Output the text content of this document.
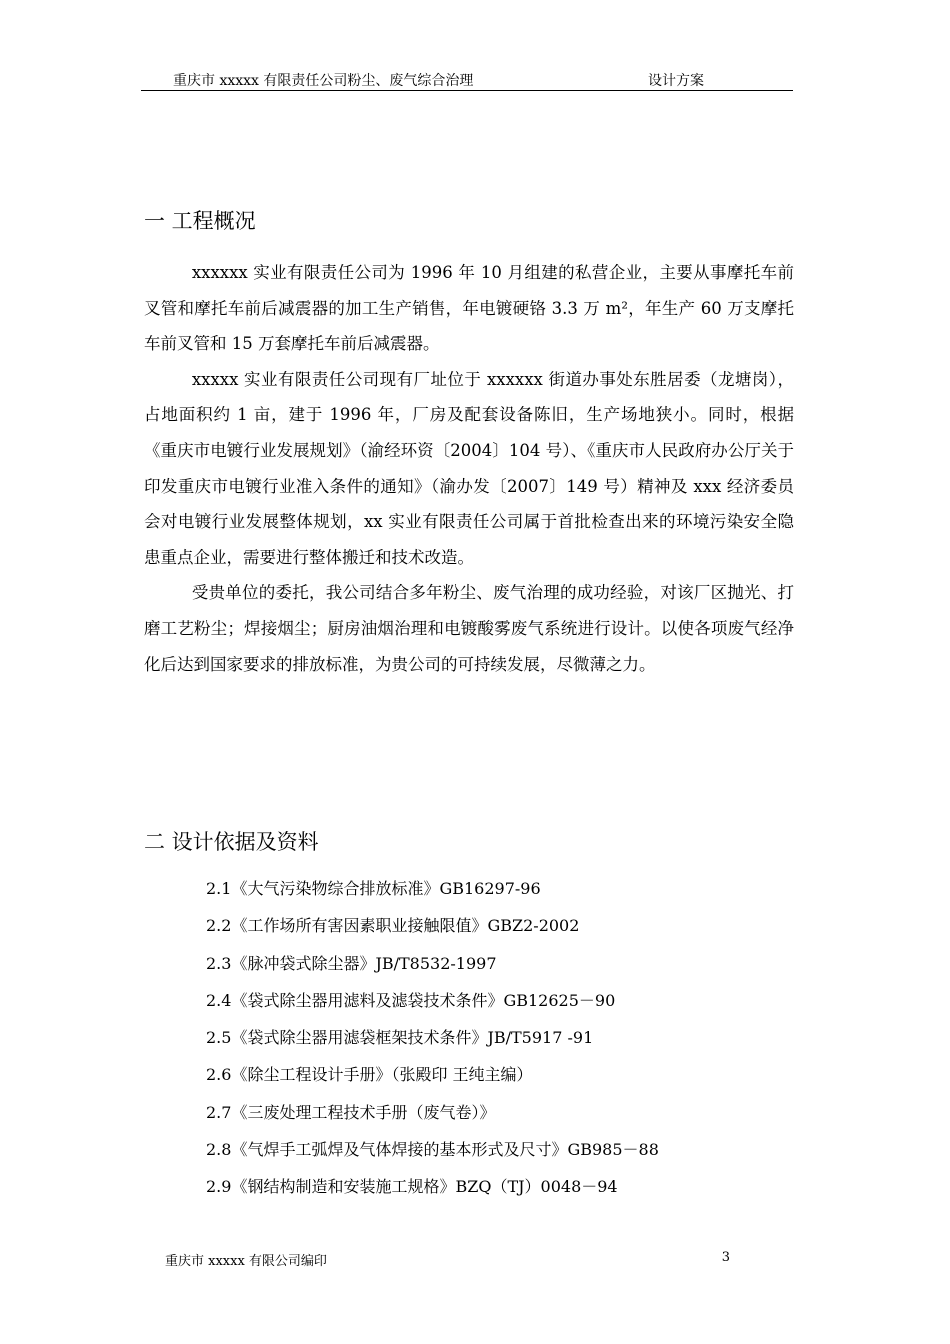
重庆市 xxxxx 有限责任公司粉尘、废气综合治理	设计方案
一 工程概况

xxxxxx 实业有限责任公司为 1996 年 10 月组建的私营企业，主要从事摩托车前叉管和摩托车前后减震器的加工生产销售，年电镀硬铬 3.3 万 m²，年生产 60 万支摩托车前叉管和 15 万套摩托车前后减震器。

xxxxx 实业有限责任公司现有厂址位于 xxxxxx 街道办事处东胜居委（龙塘岗），占地面积约 1 亩，建于 1996 年，厂房及配套设备陈旧，生产场地狭小。同时，根据《重庆市电镀行业发展规划》（渝经环资〔2004〕104 号）、《重庆市人民政府办公厅关于印发重庆市电镀行业准入条件的通知》（渝办发〔2007〕149 号）精神及 xxx 经济委员会对电镀行业发展整体规划，xx 实业有限责任公司属于首批检查出来的环境污染安全隐患重点企业，需要进行整体搬迁和技术改造。

受贵单位的委托，我公司结合多年粉尘、废气治理的成功经验，对该厂区抛光、打磨工艺粉尘；焊接烟尘；厨房油烟治理和电镀酸雾废气系统进行设计。以使各项废气经净化后达到国家要求的排放标准，为贵公司的可持续发展，尽微薄之力。

二 设计依据及资料
2.1《大气污染物综合排放标准》GB16297-96
2.2《工作场所有害因素职业接触限值》GBZ2-2002
2.3《脉冲袋式除尘器》JB/T8532-1997
2.4《袋式除尘器用滤料及滤袋技术条件》GB12625－90
2.5《袋式除尘器用滤袋框架技术条件》JB/T5917 -91
2.6《除尘工程设计手册》（张殿印 王纯主编）
2.7《三废处理工程技术手册（废气卷）》
2.8《气焊手工弧焊及气体焊接的基本形式及尺寸》GB985－88
2.9《钢结构制造和安装施工规格》BZQ（TJ）0048－94
重庆市 xxxxx 有限公司编印	3
